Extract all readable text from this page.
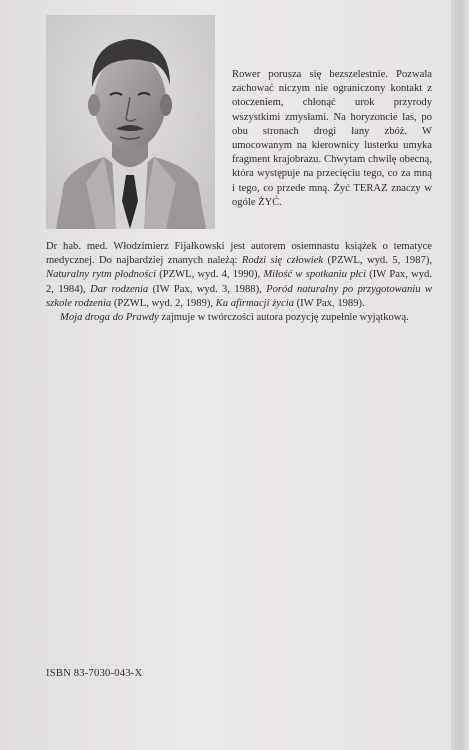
Rower porusza się bezszelestnie. Pozwala zachować niczym nie ograniczony kontakt z otoczeniem, chłonąć urok przyrody wszystkimi zmysłami. Na horyzoncie las, po obu stronach drogi łany zbóż. W umocowanym na kierownicy lusterku umyka fragment krajobrazu. Chwytam chwilę obecną, która występuje na przecięciu tego, co za mną i tego, co przede mną. Żyć TERAZ znaczy w ogóle ŻYĆ.

Dr hab. med. Włodzimierz Fijałkowski jest autorem osiemnastu książek o tematyce medycznej. Do najbardziej znanych należą: Rodzi się człowiek (PZWL, wyd. 5, 1987), Naturalny rytm płodności (PZWL, wyd. 4, 1990), Miłość w spotkaniu płci (IW Pax, wyd. 2, 1984), Dar rodzenia (IW Pax, wyd. 3, 1988), Poród naturalny po przygotowaniu w szkole rodzenia (PZWL, wyd. 2, 1989), Ku afirmacji życia (IW Pax, 1989).

Moja droga do Prawdy zajmuje w twórczości autora pozycję zupełnie wyjątkową.

ISBN 83-7030-043-X
